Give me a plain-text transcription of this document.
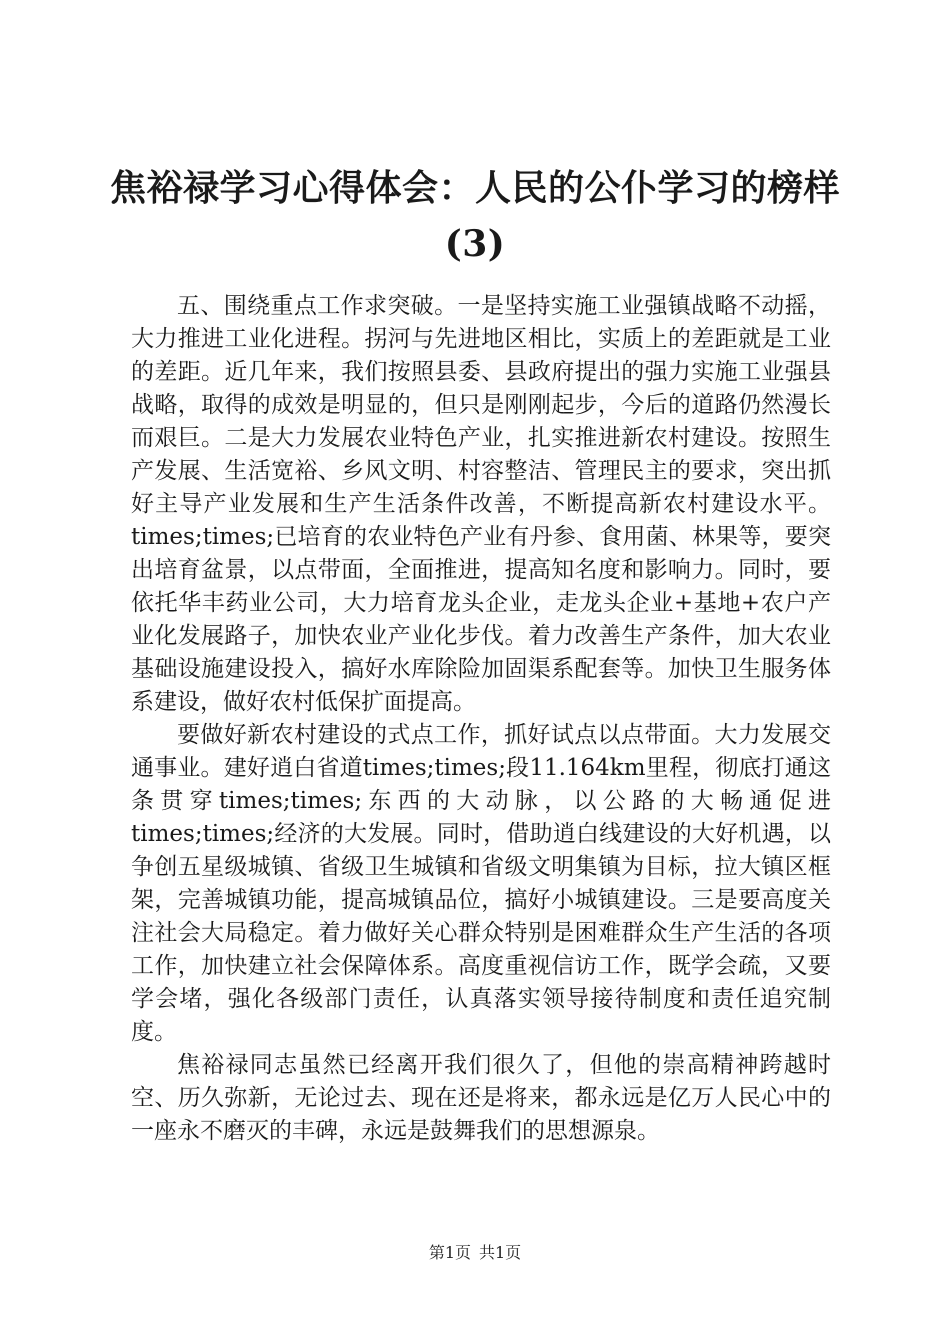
焦裕禄学习心得体会：人民的公仆学习的榜样(3)

五、围绕重点工作求突破。一是坚持实施工业强镇战略不动摇，大力推进工业化进程。拐河与先进地区相比，实质上的差距就是工业的差距。近几年来，我们按照县委、县政府提出的强力实施工业强县战略，取得的成效是明显的，但只是刚刚起步，今后的道路仍然漫长而艰巨。二是大力发展农业特色产业，扎实推进新农村建设。按照生产发展、生活宽裕、乡风文明、村容整洁、管理民主的要求，突出抓好主导产业发展和生产生活条件改善，不断提高新农村建设水平。times;times;已培育的农业特色产业有丹参、食用菌、林果等，要突出培育盆景，以点带面，全面推进，提高知名度和影响力。同时，要依托华丰药业公司，大力培育龙头企业，走龙头企业+基地+农户产业化发展路子，加快农业产业化步伐。着力改善生产条件，加大农业基础设施建设投入，搞好水库除险加固渠系配套等。加快卫生服务体系建设，做好农村低保扩面提高。

要做好新农村建设的式点工作，抓好试点以点带面。大力发展交通事业。建好逍白省道times;times;段11.164km里程，彻底打通这条贯穿times;times;东西的大动脉，以公路的大畅通促进times;times;经济的大发展。同时，借助逍白线建设的大好机遇，以争创五星级城镇、省级卫生城镇和省级文明集镇为目标，拉大镇区框架，完善城镇功能，提高城镇品位，搞好小城镇建设。三是要高度关注社会大局稳定。着力做好关心群众特别是困难群众生产生活的各项工作，加快建立社会保障体系。高度重视信访工作，既学会疏，又要学会堵，强化各级部门责任，认真落实领导接待制度和责任追究制度。

焦裕禄同志虽然已经离开我们很久了，但他的崇高精神跨越时空、历久弥新，无论过去、现在还是将来，都永远是亿万人民心中的一座永不磨灭的丰碑，永远是鼓舞我们的思想源泉。

第1页 共1页
